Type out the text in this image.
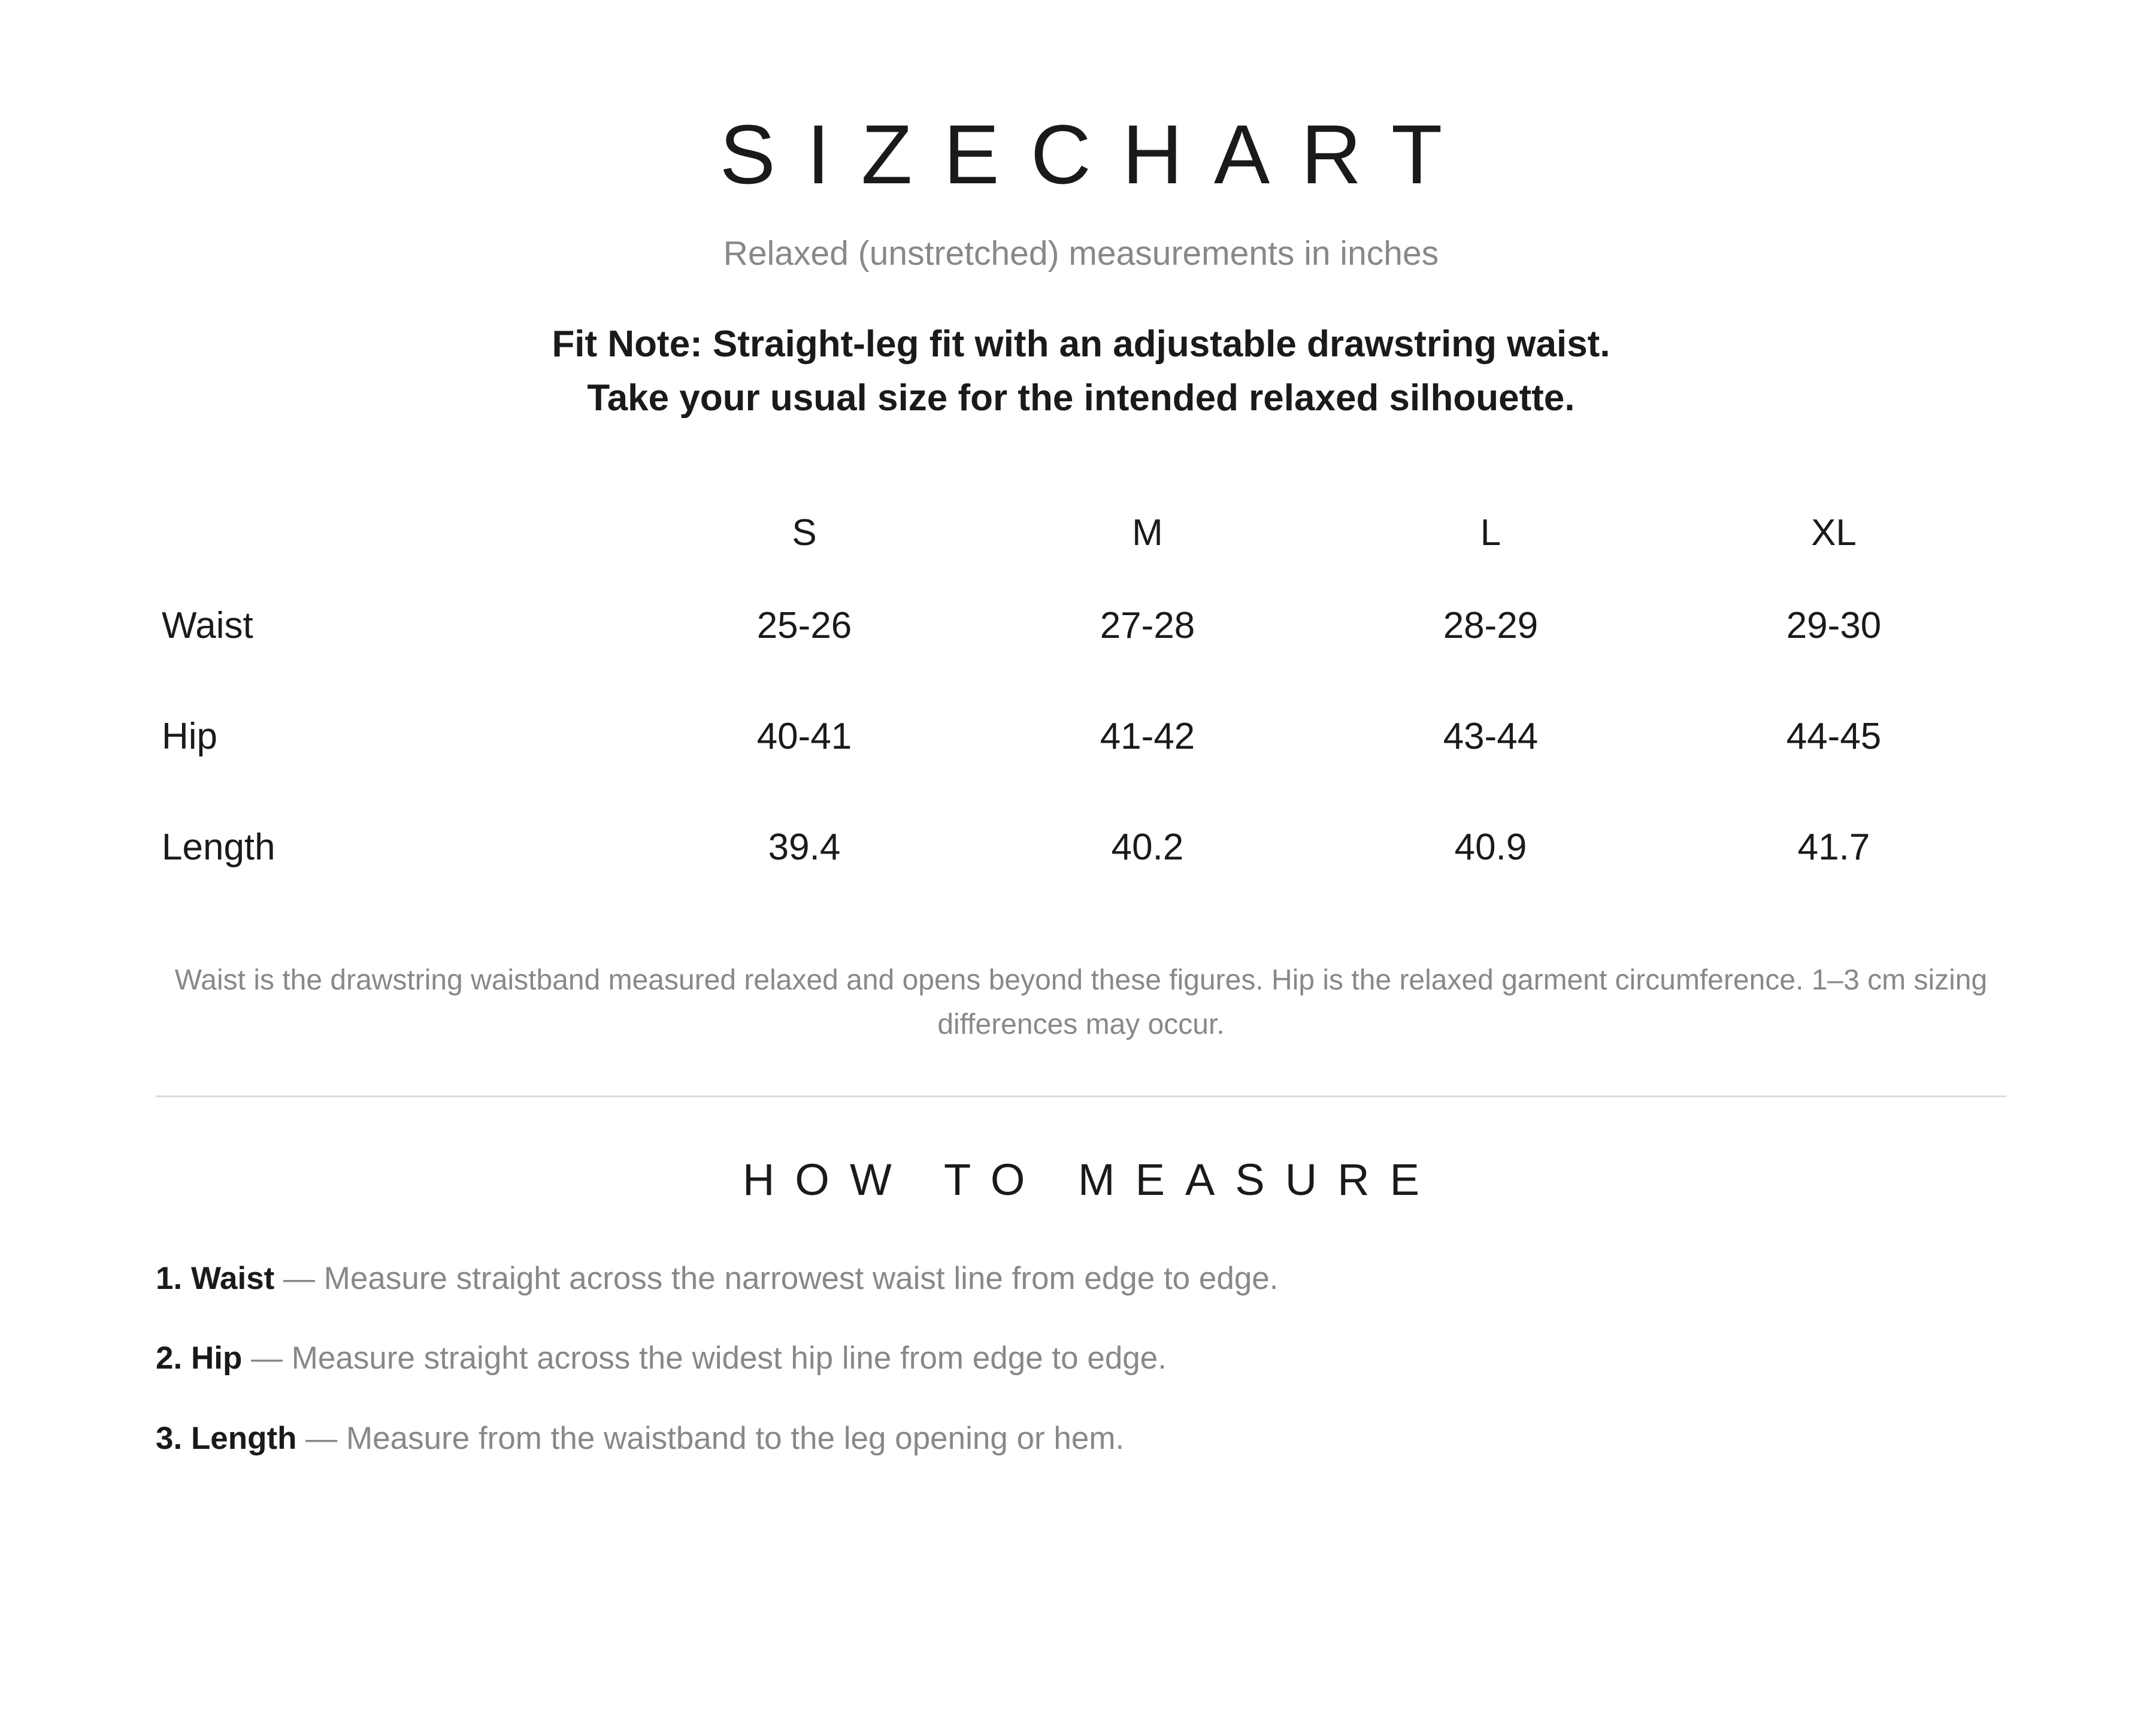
SIZECHART
Relaxed (unstretched) measurements in inches
Fit Note: Straight-leg fit with an adjustable drawstring waist.
Take your usual size for the intended relaxed silhouette.
S	M	L	XL
Waist	25-26	27-28	28-29	29-30
Hip	40-41	41-42	43-44	44-45
Length	39.4	40.2	40.9	41.7
Waist is the drawstring waistband measured relaxed and opens beyond these figures. Hip is the relaxed garment circumference. 1–3 cm sizing
differences may occur.
HOW TO MEASURE
1. Waist — Measure straight across the narrowest waist line from edge to edge.
2. Hip — Measure straight across the widest hip line from edge to edge.
3. Length — Measure from the waistband to the leg opening or hem.
